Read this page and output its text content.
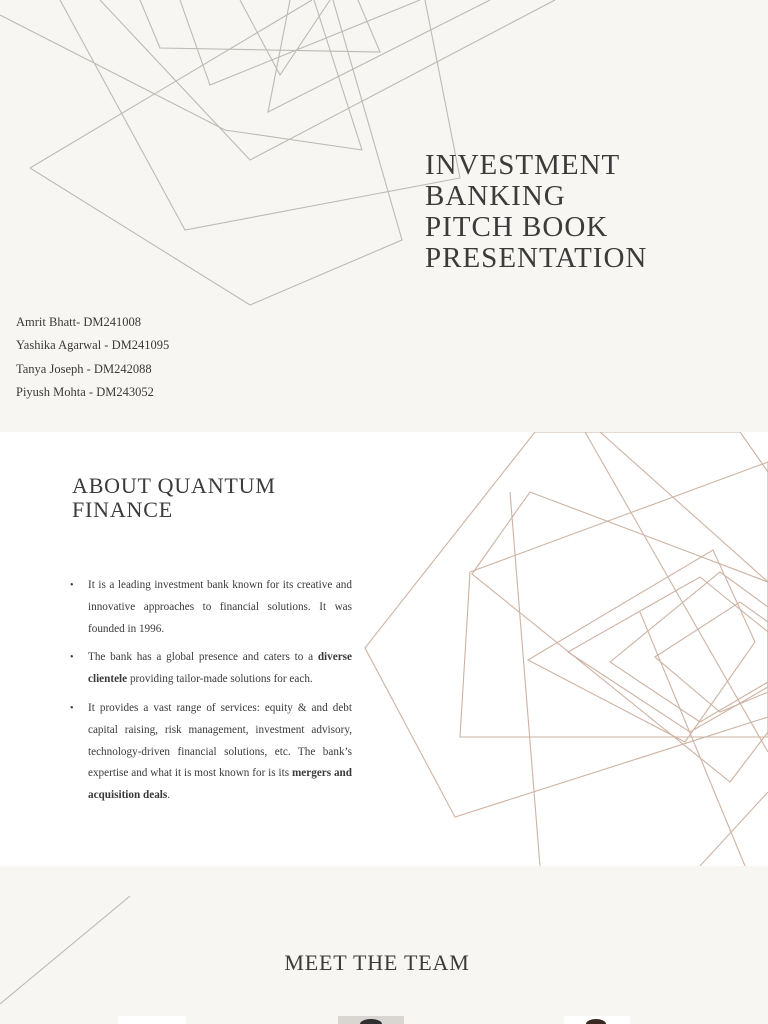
INVESTMENT
BANKING
PITCH BOOK
PRESENTATION
Amrit Bhatt- DM241008
Yashika Agarwal - DM241095
Tanya Joseph - DM242088
Piyush Mohta - DM243052
ABOUT QUANTUM
FINANCE
• It is a leading investment bank known for its creative and innovative approaches to financial solutions. It was founded in 1996.
• The bank has a global presence and caters to a diverse clientele providing tailor-made solutions for each.
• It provides a vast range of services: equity & and debt capital raising, risk management, investment advisory, technology-driven financial solutions, etc. The bank’s expertise and what it is most known for is its mergers and acquisition deals.
MEET THE TEAM
